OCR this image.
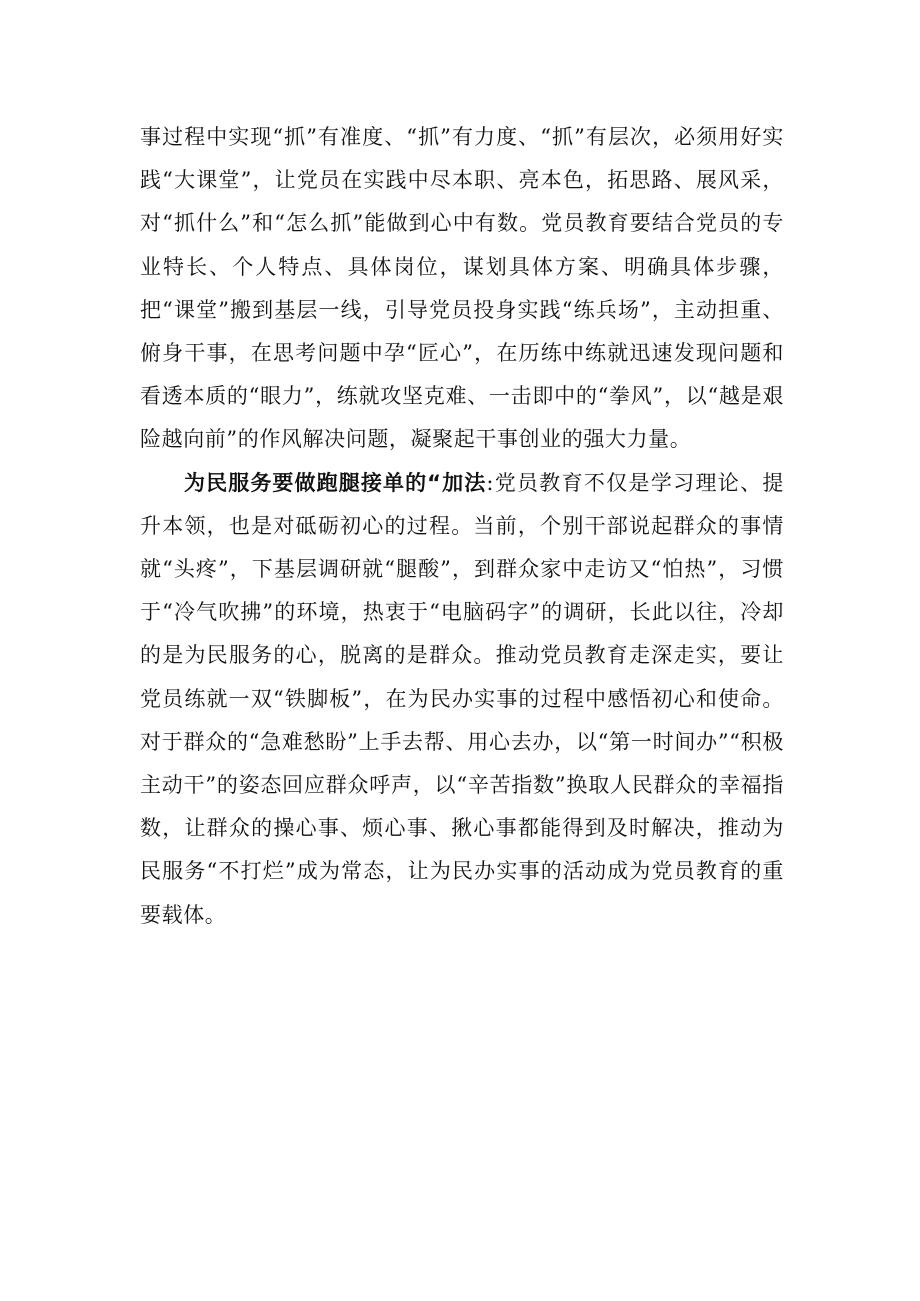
事过程中实现“抓”有准度、“抓”有力度、“抓”有层次，必须用好实践“大课堂”，让党员在实践中尽本职、亮本色，拓思路、展风采，对“抓什么”和“怎么抓”能做到心中有数。党员教育要结合党员的专业特长、个人特点、具体岗位，谋划具体方案、明确具体步骤，把“课堂”搬到基层一线，引导党员投身实践“练兵场”，主动担重、俯身干事，在思考问题中孕“匠心”，在历练中练就迅速发现问题和看透本质的“眼力”，练就攻坚克难、一击即中的“拳风”，以“越是艰险越向前”的作风解决问题，凝聚起干事创业的强大力量。

为民服务要做跑腿接单的“加法:党员教育不仅是学习理论、提升本领，也是对砥砺初心的过程。当前，个别干部说起群众的事情就“头疼”，下基层调研就“腿酸”，到群众家中走访又“怕热”，习惯于“冷气吹拂”的环境，热衷于“电脑码字”的调研，长此以往，冷却的是为民服务的心，脱离的是群众。推动党员教育走深走实，要让党员练就一双“铁脚板”，在为民办实事的过程中感悟初心和使命。对于群众的“急难愁盼”上手去帮、用心去办，以“第一时间办”“积极主动干”的姿态回应群众呼声，以“辛苦指数”换取人民群众的幸福指数，让群众的操心事、烦心事、揪心事都能得到及时解决，推动为民服务“不打烂”成为常态，让为民办实事的活动成为党员教育的重要载体。
